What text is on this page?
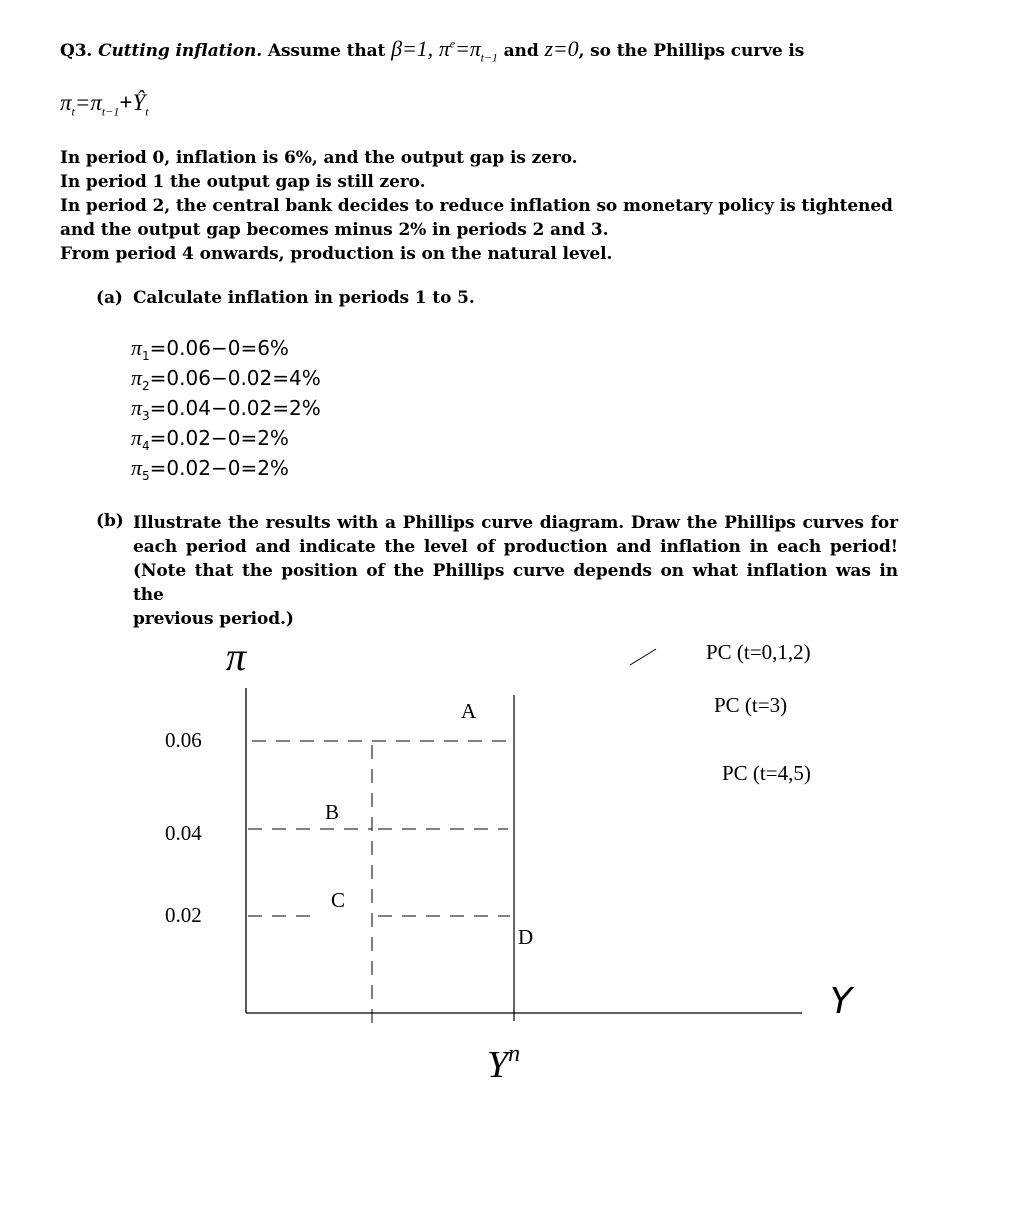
Q3. Cutting inflation. Assume that β=1, $\pi^e=\pi_{t-1}$ and z=0, so the Phillips curve is
$\pi_t=\pi_{t-1}+Ŷ_t$
In period 0, inflation is 6%, and the output gap is zero.
In period 1 the output gap is still zero.
In period 2, the central bank decides to reduce inflation so monetary policy is tightened
and the output gap becomes minus 2% in periods 2 and 3.
From period 4 onwards, production is on the natural level.
(a) Calculate inflation in periods 1 to 5.
$\pi_1=0.06-0=6\%$
$\pi_2=0.06-0.02=4\%$
$\pi_3=0.04-0.02=2\%$
$\pi_4=0.02-0=2\%$
$\pi_5=0.02-0=2\%$
(b) Illustrate the results with a Phillips curve diagram. Draw the Phillips curves for
each period and indicate the level of production and inflation in each period!
(Note that the position of the Phillips curve depends on what inflation was in the
previous period.)
π
Y
$Y^n$
0.06
0.04
0.02
A
B
C
D
PC (t=0,1,2)
PC (t=3)
PC (t=4,5)
